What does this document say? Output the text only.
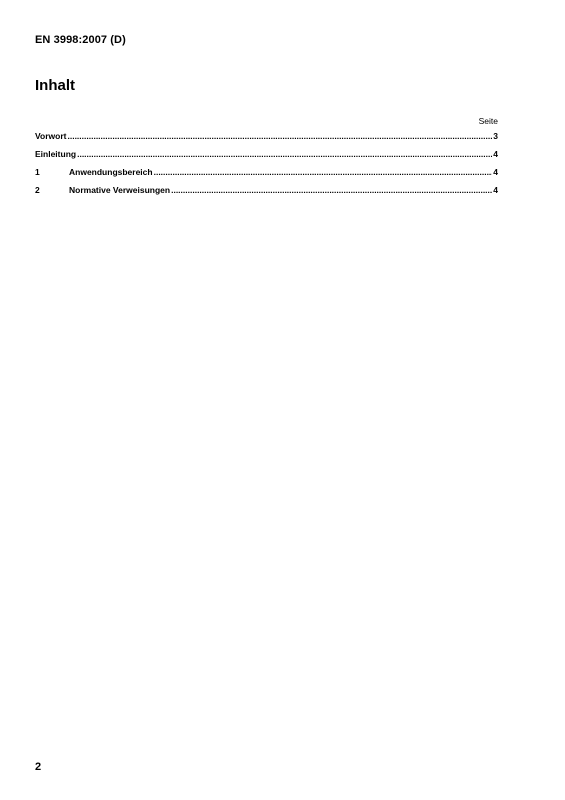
EN 3998:2007 (D)
Inhalt
Seite
Vorwort .....	3
Einleitung .....	4
1	Anwendungsbereich .....	4
2	Normative Verweisungen .....	4
2
